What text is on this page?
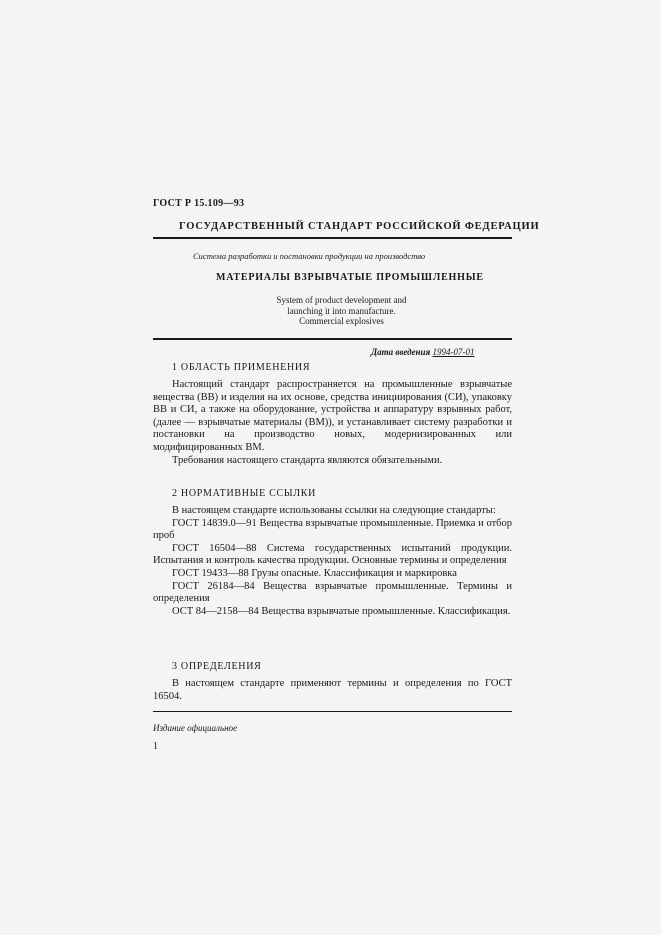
ГОСТ Р 15.109—93
ГОСУДАРСТВЕННЫЙ СТАНДАРТ РОССИЙСКОЙ ФЕДЕРАЦИИ
Система разработки и постановки продукции на производство
МАТЕРИАЛЫ ВЗРЫВЧАТЫЕ ПРОМЫШЛЕННЫЕ
System of product development and
launching it into manufacture.
Commercial explosives
Дата введения 1994-07-01
1 ОБЛАСТЬ ПРИМЕНЕНИЯ

Настоящий стандарт распространяется на промышленные взрывчатые вещества (ВВ) и изделия на их основе, средства инициирования (СИ), упаковку ВВ и СИ, а также на оборудование, устройства и аппаратуру взрывных работ, (далее — взрывчатые материалы (ВМ)), и устанавливает систему разработки и постановки на производство новых, модернизированных или модифицированных ВМ.

Требования настоящего стандарта являются обязательными.

2 НОРМАТИВНЫЕ ССЫЛКИ

В настоящем стандарте использованы ссылки на следующие стандарты:

ГОСТ 14839.0—91 Вещества взрывчатые промышленные. Приемка и отбор проб

ГОСТ 16504—88 Система государственных испытаний продукции. Испытания и контроль качества продукции. Основные термины и определения

ГОСТ 19433—88 Грузы опасные. Классификация и маркировка

ГОСТ 26184—84 Вещества взрывчатые промышленные. Термины и определения

ОСТ 84—2158—84 Вещества взрывчатые промышленные. Классификация.

3 ОПРЕДЕЛЕНИЯ

В настоящем стандарте применяют термины и определения по ГОСТ 16504.

Издание официальное
1
